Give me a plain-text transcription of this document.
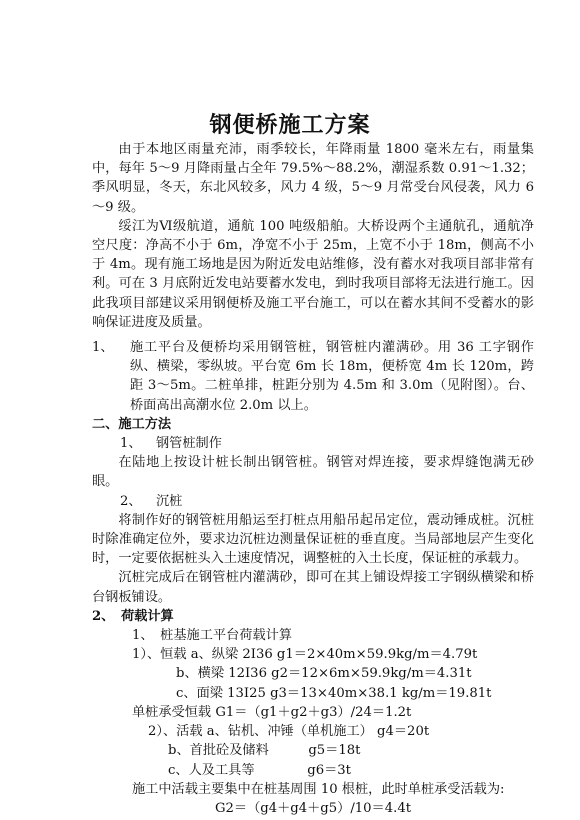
钢便桥施工方案

由于本地区雨量充沛，雨季较长，年降雨量 1800 毫米左右，雨量集中，每年 5～9 月降雨量占全年 79.5%～88.2%，潮湿系数 0.91～1.32；季风明显，冬天，东北风较多，风力 4 级，5～9 月常受台风侵袭，风力 6～9 级。

绥江为Ⅵ级航道，通航 100 吨级船舶。大桥设两个主通航孔，通航净空尺度：净高不小于 6m，净宽不小于 25m，上宽不小于 18m，侧高不小于 4m。现有施工场地是因为附近发电站维修，没有蓄水对我项目部非常有利。可在 3 月底附近发电站要蓄水发电，到时我项目部将无法进行施工。因此我项目部建议采用钢便桥及施工平台施工，可以在蓄水其间不受蓄水的影响保证进度及质量。

1、	施工平台及便桥均采用钢管桩，钢管桩内灌满砂。用 36 工字钢作纵、横梁，零纵坡。平台宽 6m 长 18m，便桥宽 4m 长 120m，跨距 3～5m。二桩单排，桩距分别为 4.5m 和 3.0m（见附图）。台、桥面高出高潮水位 2.0m 以上。

二、施工方法

1、 钢管桩制作

在陆地上按设计桩长制出钢管桩。钢管对焊连接，要求焊缝饱满无砂眼。

2、 沉桩

将制作好的钢管桩用船运至打桩点用船吊起吊定位，震动锤成桩。沉桩时除准确定位外，要求边沉桩边测量保证桩的垂直度。当局部地层产生变化时，一定要依据桩头入土速度情况，调整桩的入土长度，保证桩的承载力。

沉桩完成后在钢管桩内灌满砂，即可在其上铺设焊接工字钢纵横梁和桥台钢板铺设。

2、　荷载计算

1、　桩基施工平台荷载计算

1）、恒载 a、纵梁 2Ⅰ36 g1＝2×40m×59.9kg/m＝4.79t

b、横梁 12Ⅰ36 g2＝12×6m×59.9kg/m＝4.31t

c、面梁 13Ⅰ25 g3＝13×40m×38.1 kg/m＝19.81t

单桩承受恒载 G1＝（g1＋g2＋g3）/24＝1.2t

2）、活载 a、钻机、冲锤（单机施工） g4＝20t

b、首批砼及储料　　　g5＝18t

c、人及工具等　　　　g6＝3t

施工中活载主要集中在桩基周围 10 根桩，此时单桩承受活载为:

G2＝（g4＋g4＋g5）/10＝4.4t
